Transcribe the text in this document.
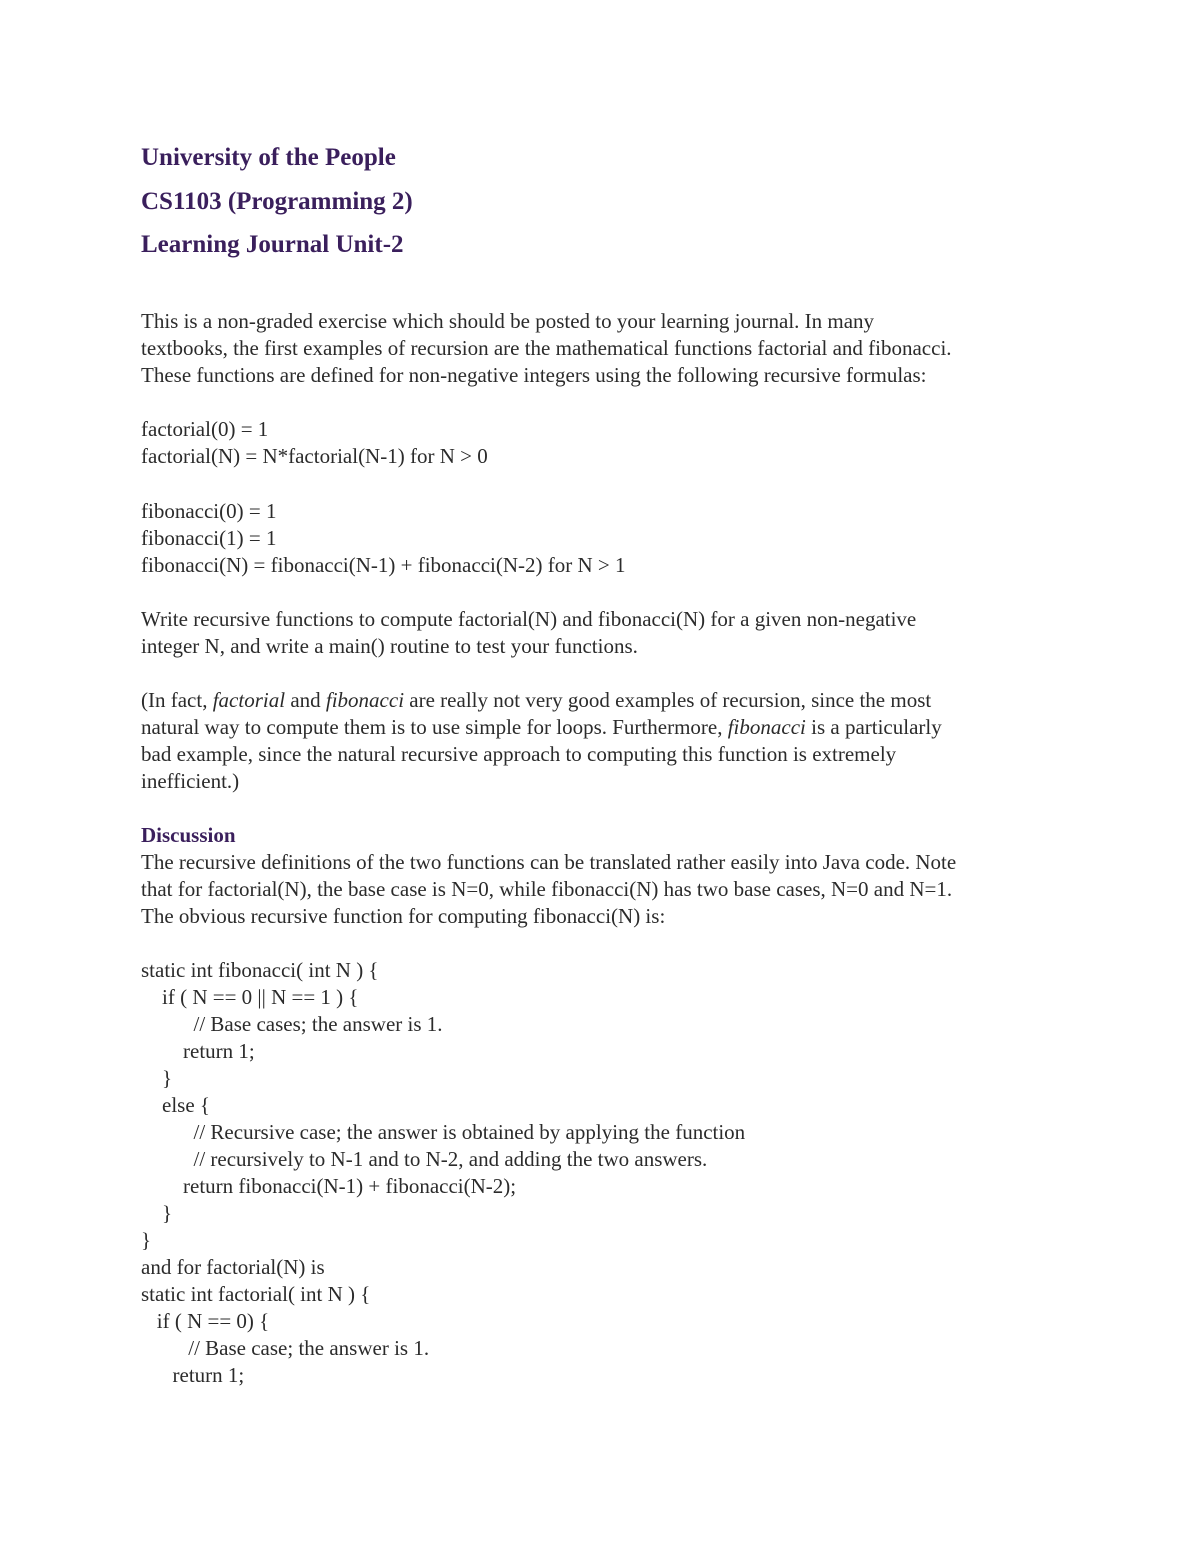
University of the People
CS1103 (Programming 2)
Learning Journal Unit-2
This is a non-graded exercise which should be posted to your learning journal. In many
textbooks, the first examples of recursion are the mathematical functions factorial and fibonacci.
These functions are defined for non-negative integers using the following recursive formulas:
factorial(0) = 1
factorial(N) = N*factorial(N-1) for N > 0
fibonacci(0) = 1
fibonacci(1) = 1
fibonacci(N) = fibonacci(N-1) + fibonacci(N-2) for N > 1
Write recursive functions to compute factorial(N) and fibonacci(N) for a given non-negative
integer N, and write a main() routine to test your functions.
(In fact, factorial and fibonacci are really not very good examples of recursion, since the most
natural way to compute them is to use simple for loops. Furthermore, fibonacci is a particularly
bad example, since the natural recursive approach to computing this function is extremely
inefficient.)
Discussion
The recursive definitions of the two functions can be translated rather easily into Java code. Note
that for factorial(N), the base case is N=0, while fibonacci(N) has two base cases, N=0 and N=1.
The obvious recursive function for computing fibonacci(N) is:
static int fibonacci( int N ) {
if ( N == 0 || N == 1 ) {
// Base cases; the answer is 1.
return 1;
}
else {
// Recursive case; the answer is obtained by applying the function
// recursively to N-1 and to N-2, and adding the two answers.
return fibonacci(N-1) + fibonacci(N-2);
}
}
and for factorial(N) is
static int factorial( int N ) {
if ( N == 0) {
// Base case; the answer is 1.
return 1;
